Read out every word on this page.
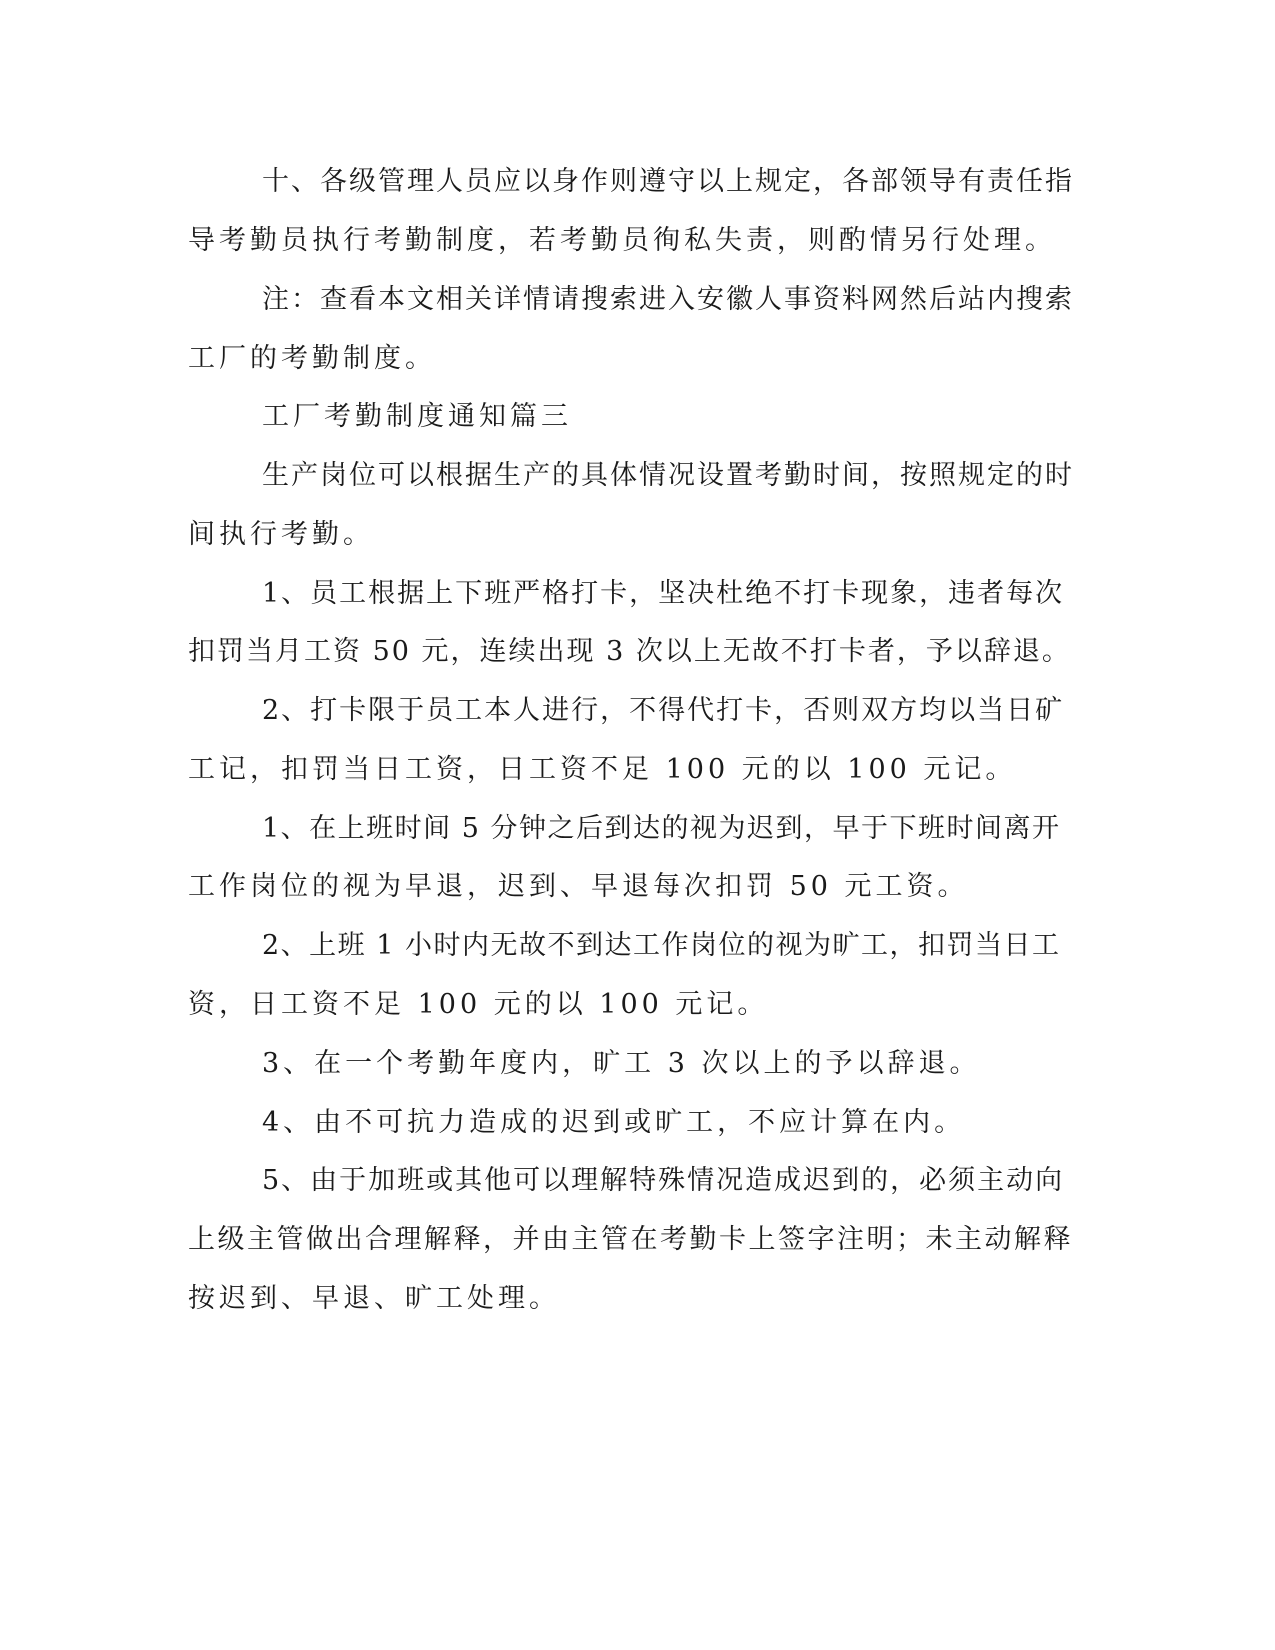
十、各级管理人员应以身作则遵守以上规定，各部领导有责任指

导考勤员执行考勤制度，若考勤员徇私失责，则酌情另行处理。

注：查看本文相关详情请搜索进入安徽人事资料网然后站内搜索

工厂的考勤制度。

工厂考勤制度通知篇三

生产岗位可以根据生产的具体情况设置考勤时间，按照规定的时

间执行考勤。

1、员工根据上下班严格打卡，坚决杜绝不打卡现象，违者每次

扣罚当月工资 50 元，连续出现 3 次以上无故不打卡者，予以辞退。

2、打卡限于员工本人进行，不得代打卡，否则双方均以当日矿

工记，扣罚当日工资，日工资不足 100 元的以 100 元记。

1、在上班时间 5 分钟之后到达的视为迟到，早于下班时间离开

工作岗位的视为早退，迟到、早退每次扣罚 50 元工资。

2、上班 1 小时内无故不到达工作岗位的视为旷工，扣罚当日工

资，日工资不足 100 元的以 100 元记。

3、在一个考勤年度内，旷工 3 次以上的予以辞退。

4、由不可抗力造成的迟到或旷工，不应计算在内。

5、由于加班或其他可以理解特殊情况造成迟到的，必须主动向

上级主管做出合理解释，并由主管在考勤卡上签字注明；未主动解释

按迟到、早退、旷工处理。
